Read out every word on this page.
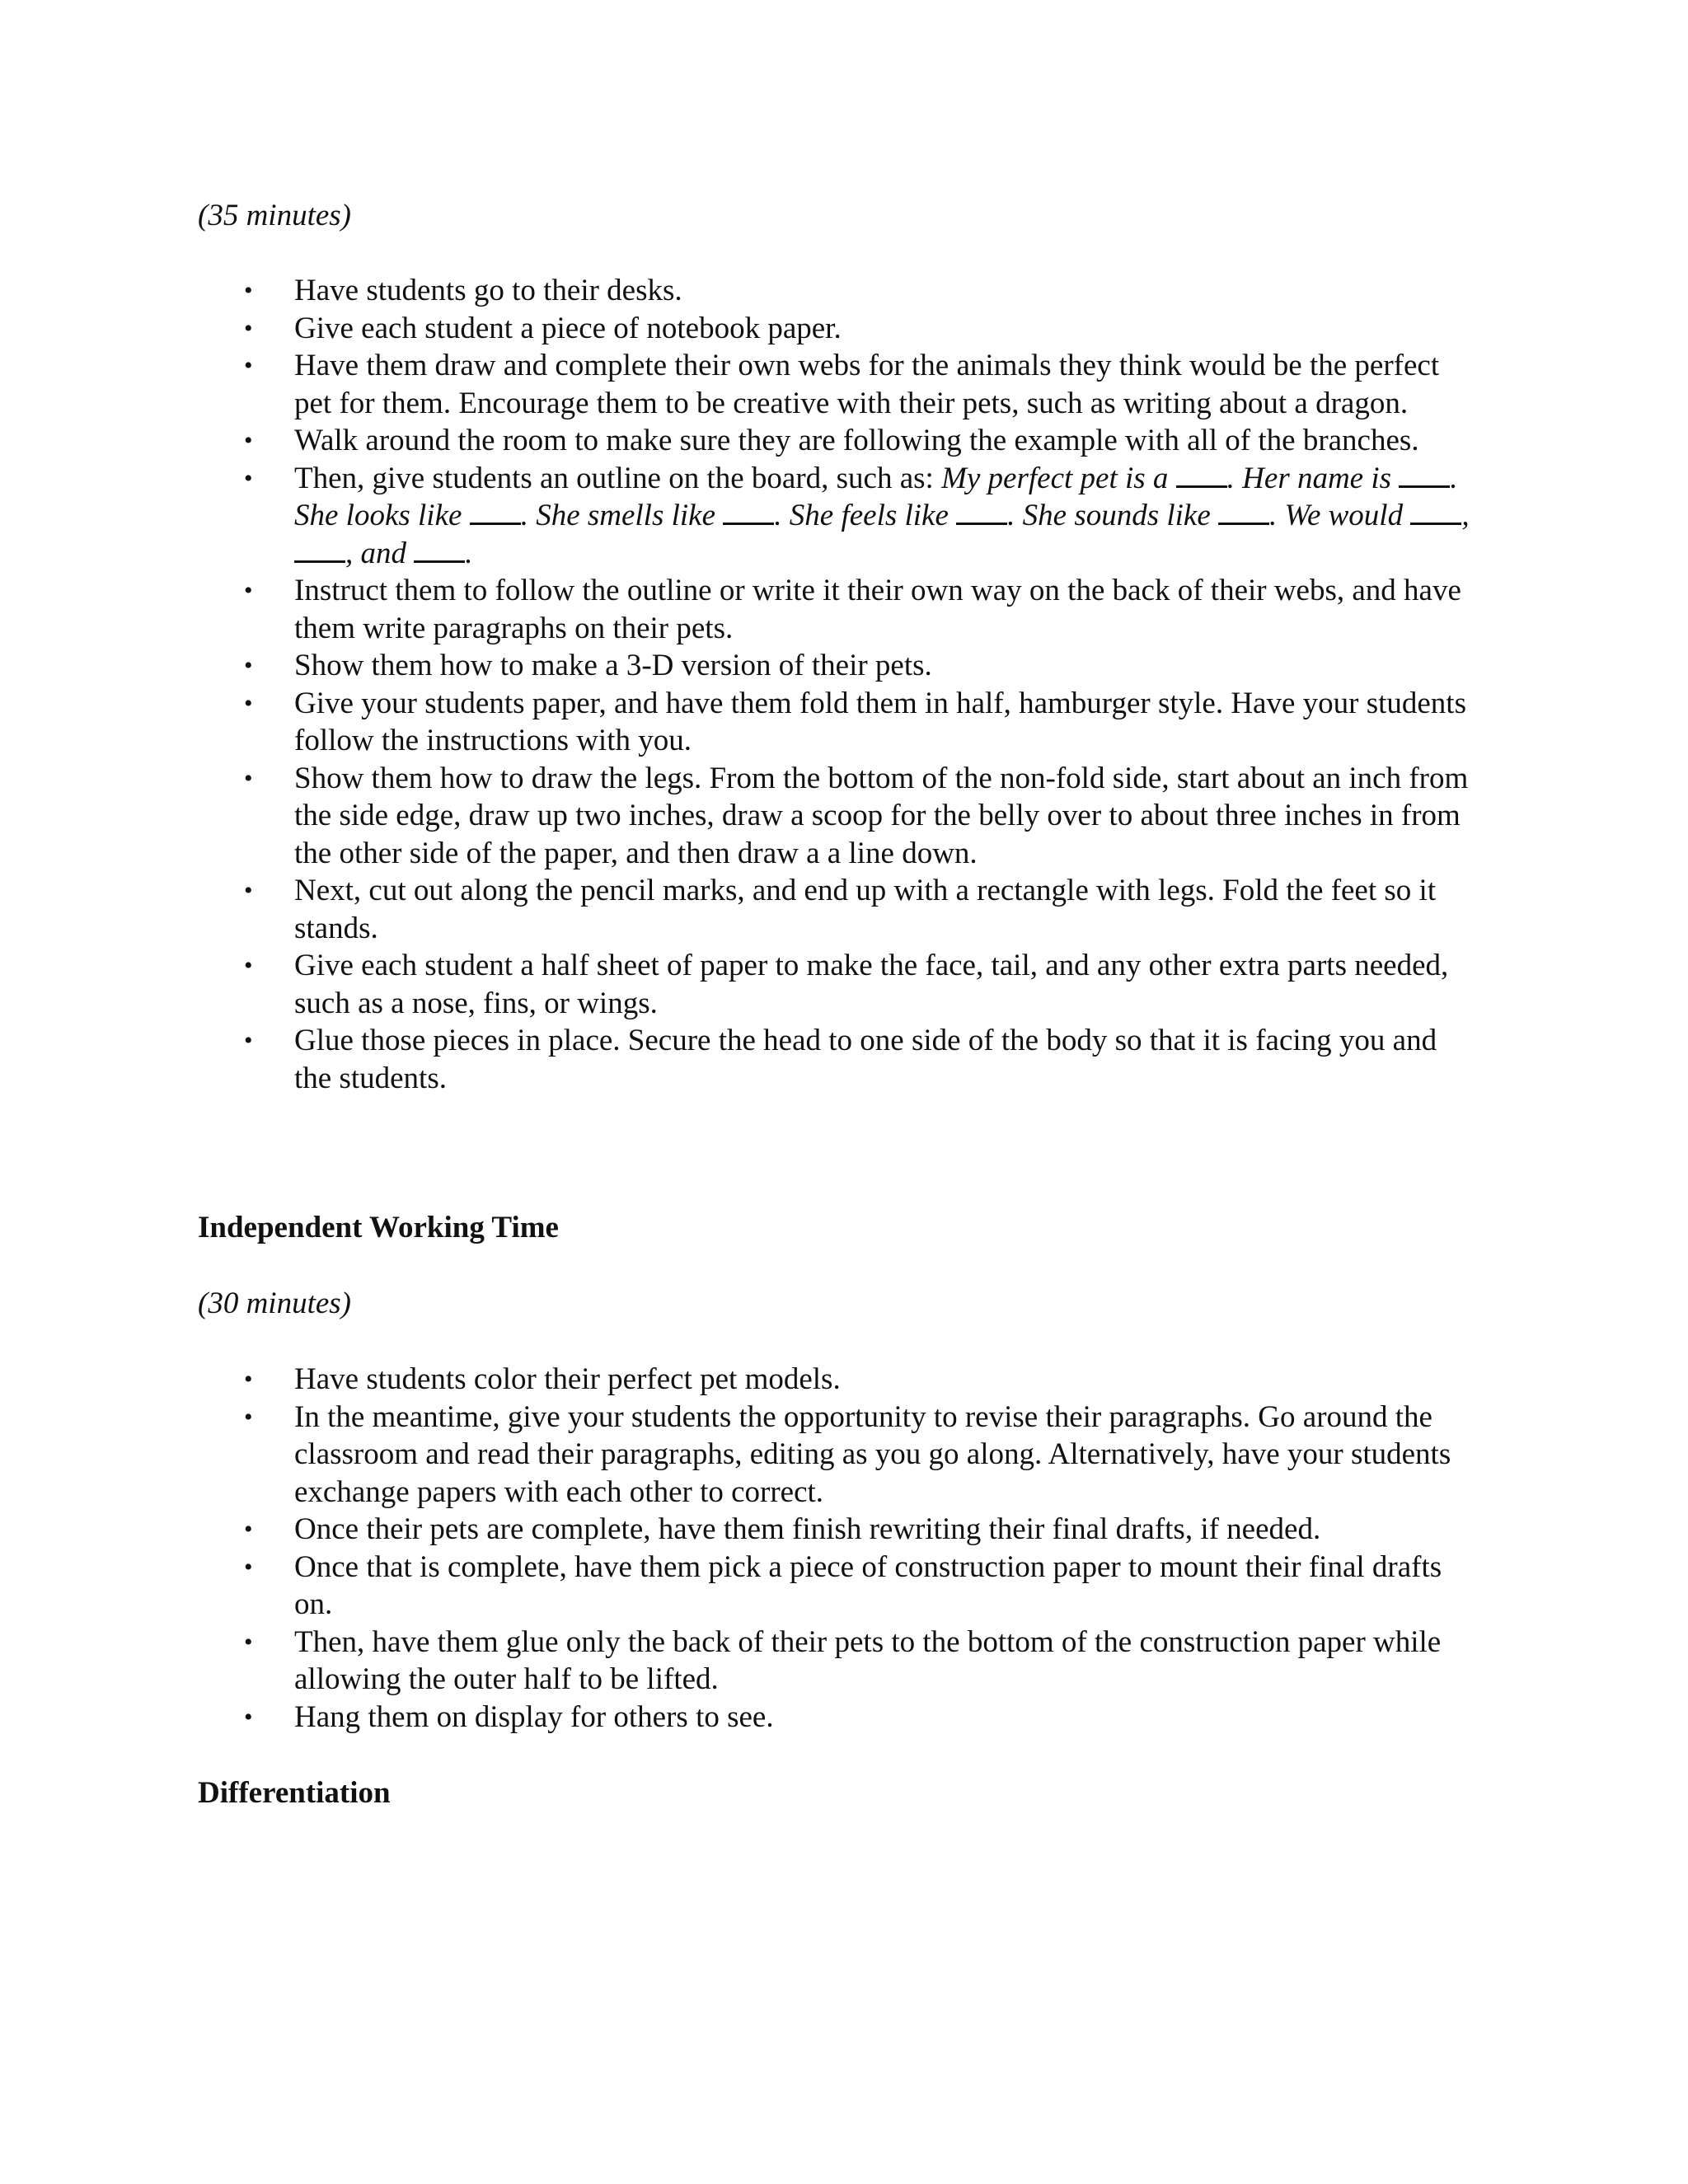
(35 minutes)

• Have students go to their desks.
• Give each student a piece of notebook paper.
• Have them draw and complete their own webs for the animals they think would be the perfect pet for them. Encourage them to be creative with their pets, such as writing about a dragon.
• Walk around the room to make sure they are following the example with all of the branches.
• Then, give students an outline on the board, such as: My perfect pet is a . Her name is . She looks like . She smells like . She feels like . She sounds like . We would , , and .
• Instruct them to follow the outline or write it their own way on the back of their webs, and have them write paragraphs on their pets.
• Show them how to make a 3-D version of their pets.
• Give your students paper, and have them fold them in half, hamburger style. Have your students follow the instructions with you.
• Show them how to draw the legs. From the bottom of the non-fold side, start about an inch from the side edge, draw up two inches, draw a scoop for the belly over to about three inches in from the other side of the paper, and then draw a a line down.
• Next, cut out along the pencil marks, and end up with a rectangle with legs. Fold the feet so it stands.
• Give each student a half sheet of paper to make the face, tail, and any other extra parts needed, such as a nose, fins, or wings.
• Glue those pieces in place. Secure the head to one side of the body so that it is facing you and the students.

Independent Working Time

(30 minutes)

• Have students color their perfect pet models.
• In the meantime, give your students the opportunity to revise their paragraphs. Go around the classroom and read their paragraphs, editing as you go along. Alternatively, have your students exchange papers with each other to correct.
• Once their pets are complete, have them finish rewriting their final drafts, if needed.
• Once that is complete, have them pick a piece of construction paper to mount their final drafts on.
• Then, have them glue only the back of their pets to the bottom of the construction paper while allowing the outer half to be lifted.
• Hang them on display for others to see.

Differentiation
